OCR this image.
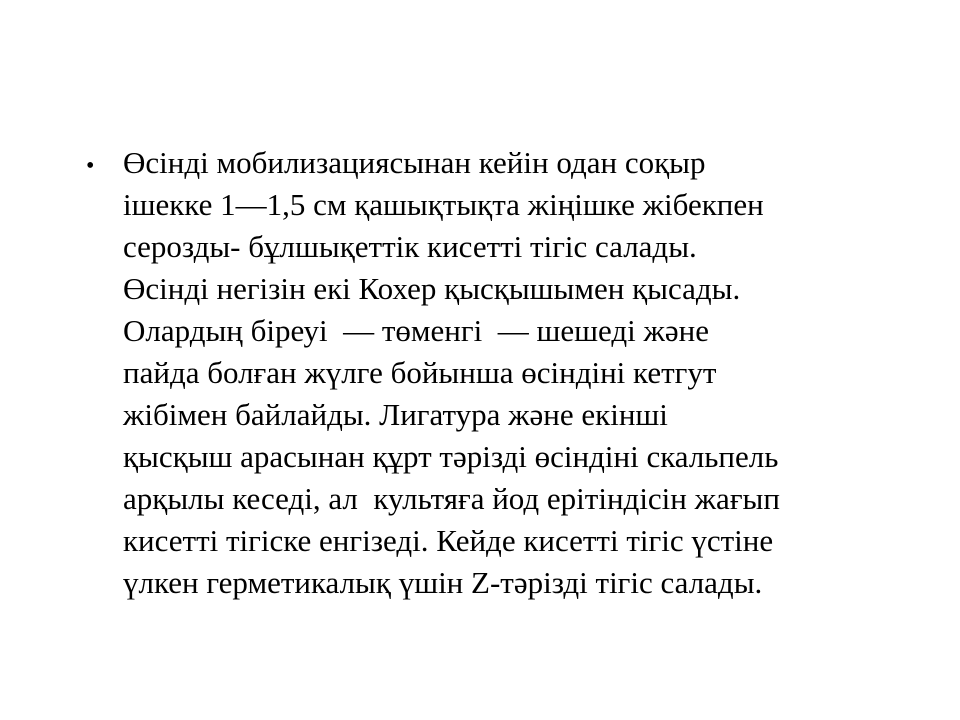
• Өсінді мобилизациясынан кейін одан соқыр
ішекке 1—1,5 см қашықтықта жіңішке жібекпен
серозды- бұлшықеттік кисетті тігіс салады.
Өсінді негізін екі Кохер қысқышымен қысады.
Олардың біреуі  — төменгі  — шешеді және
пайда болған жүлге бойынша өсіндіні кетгут
жібімен байлайды. Лигатура және екінші
қысқыш арасынан құрт тәрізді өсіндіні скальпель
арқылы кеседі, ал  культяға йод ерітіндісін жағып
кисетті тігіске енгізеді. Кейде кисетті тігіс үстіне
үлкен герметикалық үшін Z-тәрізді тігіс салады.
